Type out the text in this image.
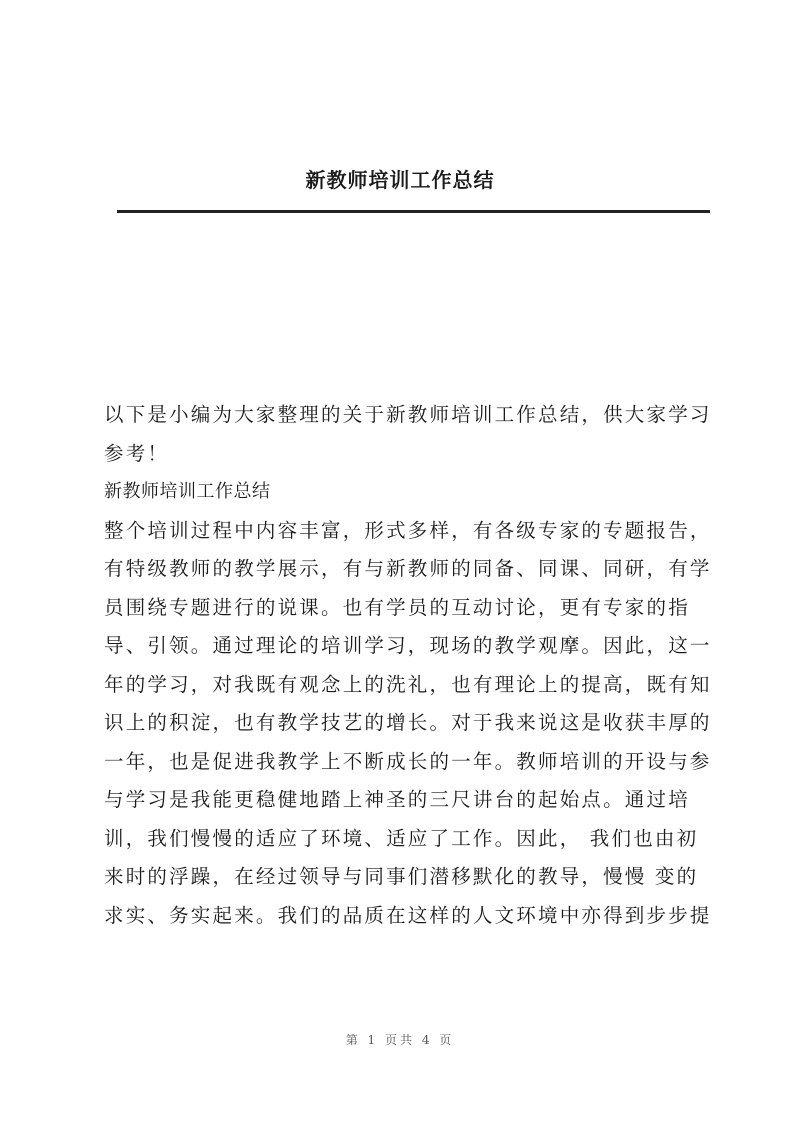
新教师培训工作总结
以下是小编为大家整理的关于新教师培训工作总结，供大家学习
参考！
新教师培训工作总结
整个培训过程中内容丰富，形式多样，有各级专家的专题报告，
有特级教师的教学展示，有与新教师的同备、同课、同研，有学
员围绕专题进行的说课。也有学员的互动讨论，更有专家的指
导、引领。通过理论的培训学习，现场的教学观摩。因此，这一
年的学习，对我既有观念上的洗礼，也有理论上的提高，既有知
识上的积淀，也有教学技艺的增长。对于我来说这是收获丰厚的
一年，也是促进我教学上不断成长的一年。教师培训的开设与参
与学习是我能更稳健地踏上神圣的三尺讲台的起始点。通过培
训，我们慢慢的适应了环境、适应了工作。因此， 我们也由初
来时的浮躁，在经过领导与同事们潜移默化的教导，慢慢 变的
求实、务实起来。我们的品质在这样的人文环境中亦得到步步提
第 1 页共 4 页
